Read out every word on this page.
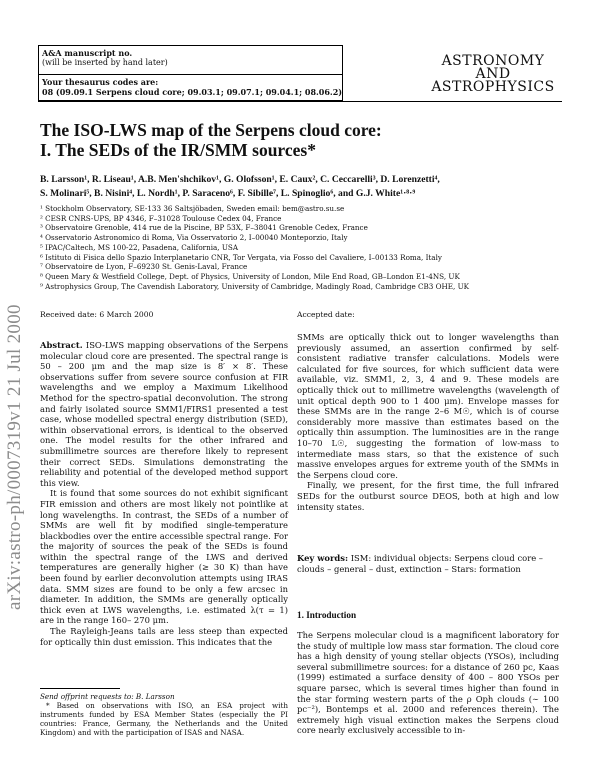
A&A manuscript no.
(will be inserted by hand later)
Your thesaurus codes are:
08 (09.09.1 Serpens cloud core; 09.03.1; 09.07.1; 09.04.1; 08.06.2)
ASTRONOMY
AND
ASTROPHYSICS
The ISO-LWS map of the Serpens cloud core:
I. The SEDs of the IR/SMM sources*
B. Larsson¹, R. Liseau¹, A.B. Men'shchikov¹, G. Olofsson¹, E. Caux², C. Ceccarelli³, D. Lorenzetti⁴,
S. Molinari⁵, B. Nisini⁴, L. Nordh¹, P. Saraceno⁶, F. Sibille⁷, L. Spinoglio⁶, and G.J. White¹·⁸·⁹
¹ Stockholm Observatory, SE-133 36 Saltsjöbaden, Sweden email: bem@astro.su.se
² CESR CNRS-UPS, BP 4346, F–31028 Toulouse Cedex 04, France
³ Observatoire Grenoble, 414 rue de la Piscine, BP 53X, F–38041 Grenoble Cedex, France
⁴ Osservatorio Astronomico di Roma, Via Osservatorio 2, I–00040 Monteporzio, Italy
⁵ IPAC/Caltech, MS 100-22, Pasadena, California, USA
⁶ Istituto di Fisica dello Spazio Interplanetario CNR, Tor Vergata, via Fosso del Cavaliere, I–00133 Roma, Italy
⁷ Observatoire de Lyon, F–69230 St. Genis-Laval, France
⁸ Queen Mary & Westfield College, Dept. of Physics, University of London, Mile End Road, GB–London E1-4NS, UK
⁹ Astrophysics Group, The Cavendish Laboratory, University of Cambridge, Madingly Road, Cambridge CB3 OHE, UK
Received date: 6 March 2000	Accepted date:
arXiv:astro-ph/0007319v1 21 Jul 2000 Abstract. ISO-LWS mapping observations of the Serpens molecular cloud core are presented. The spectral range is 50 – 200 μm and the map size is 8′ × 8′. These observations suffer from severe source confusion at FIR wavelengths and we employ a Maximum Likelihood Method for the spectro-spatial deconvolution. The strong and fairly isolated source SMM1/FIRS1 presented a test case, whose modelled spectral energy distribution (SED), within observational errors, is identical to the observed one. The model results for the other infrared and submillimetre sources are therefore likely to represent their correct SEDs. Simulations demonstrating the reliability and potential of the developed method support this view.

It is found that some sources do not exhibit significant FIR emission and others are most likely not pointlike at long wavelengths. In contrast, the SEDs of a number of SMMs are well fit by modified single-temperature blackbodies over the entire accessible spectral range. For the majority of sources the peak of the SEDs is found within the spectral range of the LWS and derived temperatures are generally higher (≥ 30 K) than have been found by earlier deconvolution attempts using IRAS data. SMM sizes are found to be only a few arcsec in diameter. In addition, the SMMs are generally optically thick even at LWS wavelengths, i.e. estimated λ(τ = 1) are in the range 160– 270 μm.

The Rayleigh-Jeans tails are less steep than expected for optically thin dust emission. This indicates that the

SMMs are optically thick out to longer wavelengths than previously assumed, an assertion confirmed by self-consistent radiative transfer calculations. Models were calculated for five sources, for which sufficient data were available, viz. SMM1, 2, 3, 4 and 9. These models are optically thick out to millimetre wavelengths (wavelength of unit optical depth 900 to 1 400 μm). Envelope masses for these SMMs are in the range 2–6 M☉, which is of course considerably more massive than estimates based on the optically thin assumption. The luminosities are in the range 10–70 L☉, suggesting the formation of low-mass to intermediate mass stars, so that the existence of such massive envelopes argues for extreme youth of the SMMs in the Serpens cloud core.

Finally, we present, for the first time, the full infrared SEDs for the outburst source DEOS, both at high and low intensity states.

Key words: ISM: individual objects: Serpens cloud core – clouds – general – dust, extinction – Stars: formation
1. Introduction
The Serpens molecular cloud is a magnificent laboratory for the study of multiple low mass star formation. The cloud core has a high density of young stellar objects (YSOs), including several submillimetre sources: for a distance of 260 pc, Kaas (1999) estimated a surface density of 400 – 800 YSOs per square parsec, which is several times higher than found in the star forming western parts of the ρ Oph clouds (∼ 100 pc⁻²), Bontemps et al. 2000 and references therein). The extremely high visual extinction makes the Serpens cloud core nearly exclusively accessible to in-
Send offprint requests to: B. Larsson
* Based on observations with ISO, an ESA project with instruments funded by ESA Member States (especially the PI countries: France, Germany, the Netherlands and the United Kingdom) and with the participation of ISAS and NASA.
